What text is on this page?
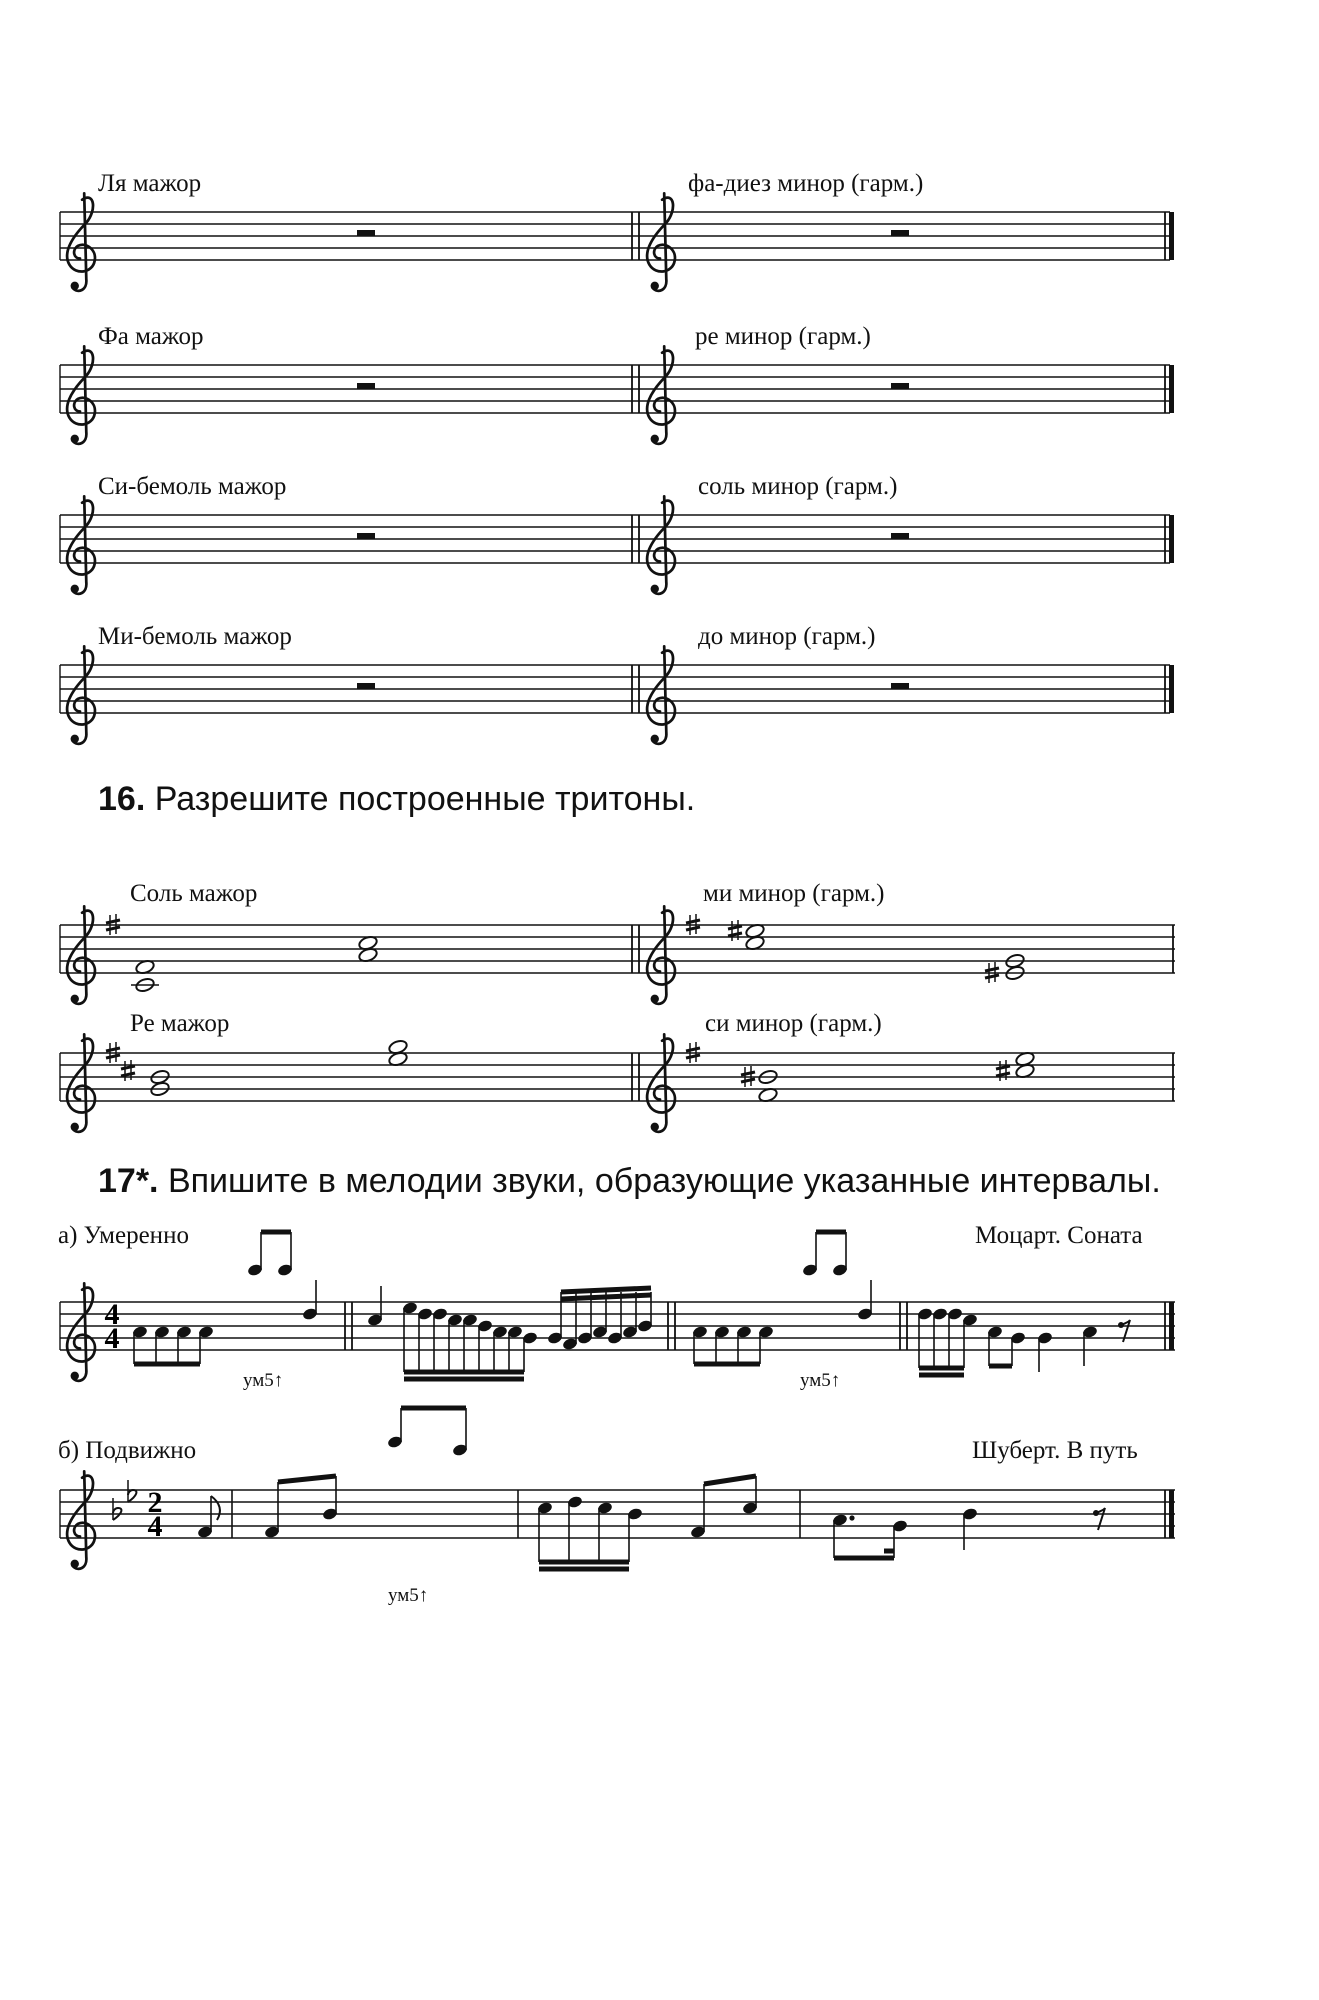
Ля мажор	фа-диез минор (гарм.)
Фа мажор	ре минор (гарм.)
Си-бемоль мажор	соль минор (гарм.)
Ми-бемоль мажор	до минор (гарм.)
16. Разрешите построенные тритоны.
Соль мажор	ми минор (гарм.)
Ре мажор	си минор (гарм.)
17*. Впишите в мелодии звуки, образующие указанные интервалы.
а) Умеренно	Моцарт. Соната
ум5↑	ум5↑
б) Подвижно	Шуберт. В путь
ум5↑
4
4
2
4
